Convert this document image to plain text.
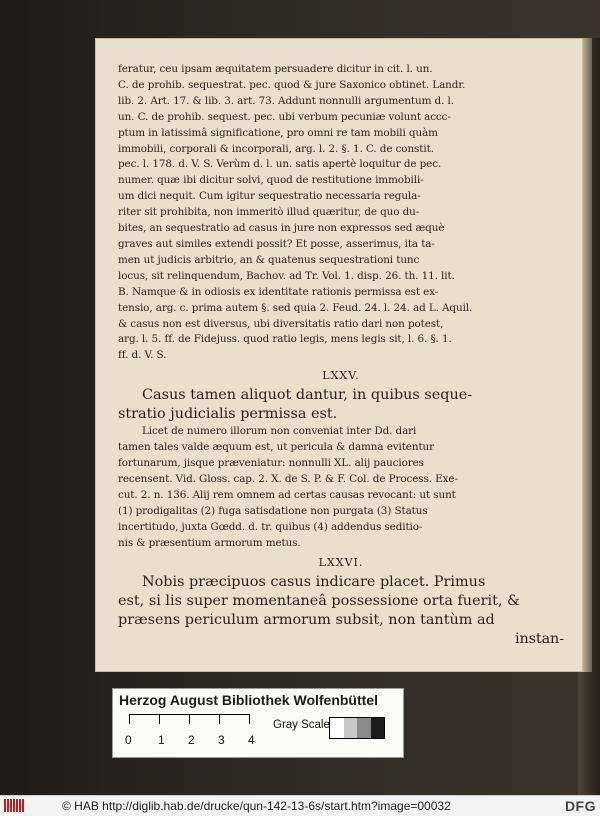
feratur, ceu ipsam æquitatem persuadere dicitur in cit. l. un.
C. de prohib. sequestrat. pec. quod & jure Saxonico obtinet. Landr.
lib. 2. Art. 17. & lib. 3. art. 73. Addunt nonnulli argumentum d. l.
un. C. de prohib. sequest. pec. ubi verbum pecuniæ volunt accc-
ptum in latissimâ significatione, pro omni re tam mobili quàm
immobili, corporali & incorporali, arg. l. 2. §. 1. C. de constit.
pec. l. 178. d. V. S. Verùm d. l. un. satis apertè loquitur de pec.
numer. quæ ibi dicitur solvi, quod de restitutione immobili-
um dici nequit. Cum igitur sequestratio necessaria regula-
riter sit prohibita, non immeritò illud quæritur, de quo du-
bites, an sequestratio ad casus in jure non expressos sed æquè
graves aut similes extendi possit? Et posse, asserimus, ita ta-
men ut judicis arbitrio, an & quatenus sequestrationi tunc
locus, sit relinquendum, Bachov. ad Tr. Vol. 1. disp. 26. th. 11. lit.
B. Namque & in odiosis ex identitate rationis permissa est ex-
tensio, arg. c. prima autem §. sed quia 2. Feud. 24. l. 24. ad L. Aquil.
& casus non est diversus, ubi diversitatis ratio dari non potest,
arg. l. 5. ff. de Fidejuss. quod ratio legis, mens legis sit, l. 6. §. 1.
ff. d. V. S.
LXXV.
Casus tamen aliquot dantur, in quibus seque-
stratio judicialis permissa est.
Licet de numero illorum non conveniat inter Dd. dari
tamen tales valde æquum est, ut pericula & damna evitentur
fortunarum, jisque præveniatur: nonnulli XL. alij pauciores
recensent. Vid. Gloss. cap. 2. X. de S. P. & F. Col. de Process. Exe-
cut. 2. n. 136. Alij rem omnem ad certas causas revocant: ut sunt
(1) prodigalitas (2) fuga satisdatione non purgata (3) Status
incertitudo, juxta Gœdd. d. tr. quibus (4) addendus seditio-
nis & præsentium armorum metus.
LXXVI.
Nobis præcipuos casus indicare placet. Primus
est, si lis super momentaneâ possessione orta fuerit, &
præsens periculum armorum subsit, non tantùm ad
instan-
Herzog August Bibliothek Wolfenbüttel
0 1 2 3 4
Gray Scale
© HAB http://diglib.hab.de/drucke/qun-142-13-6s/start.htm?image=00032	DFG
